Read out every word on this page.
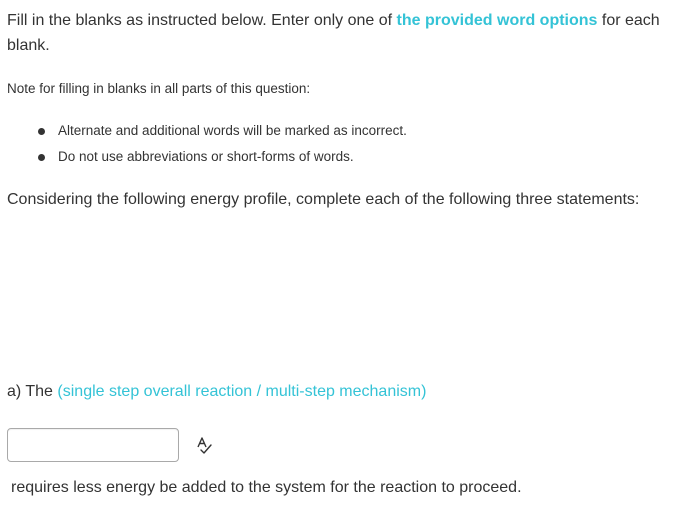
Fill in the blanks as instructed below. Enter only one of the provided word options for each blank.
Note for filling in blanks in all parts of this question:
Alternate and additional words will be marked as incorrect.
Do not use abbreviations or short-forms of words.
Considering the following energy profile, complete each of the following three statements:
a) The (single step overall reaction / multi-step mechanism)
requires less energy be added to the system for the reaction to proceed.
